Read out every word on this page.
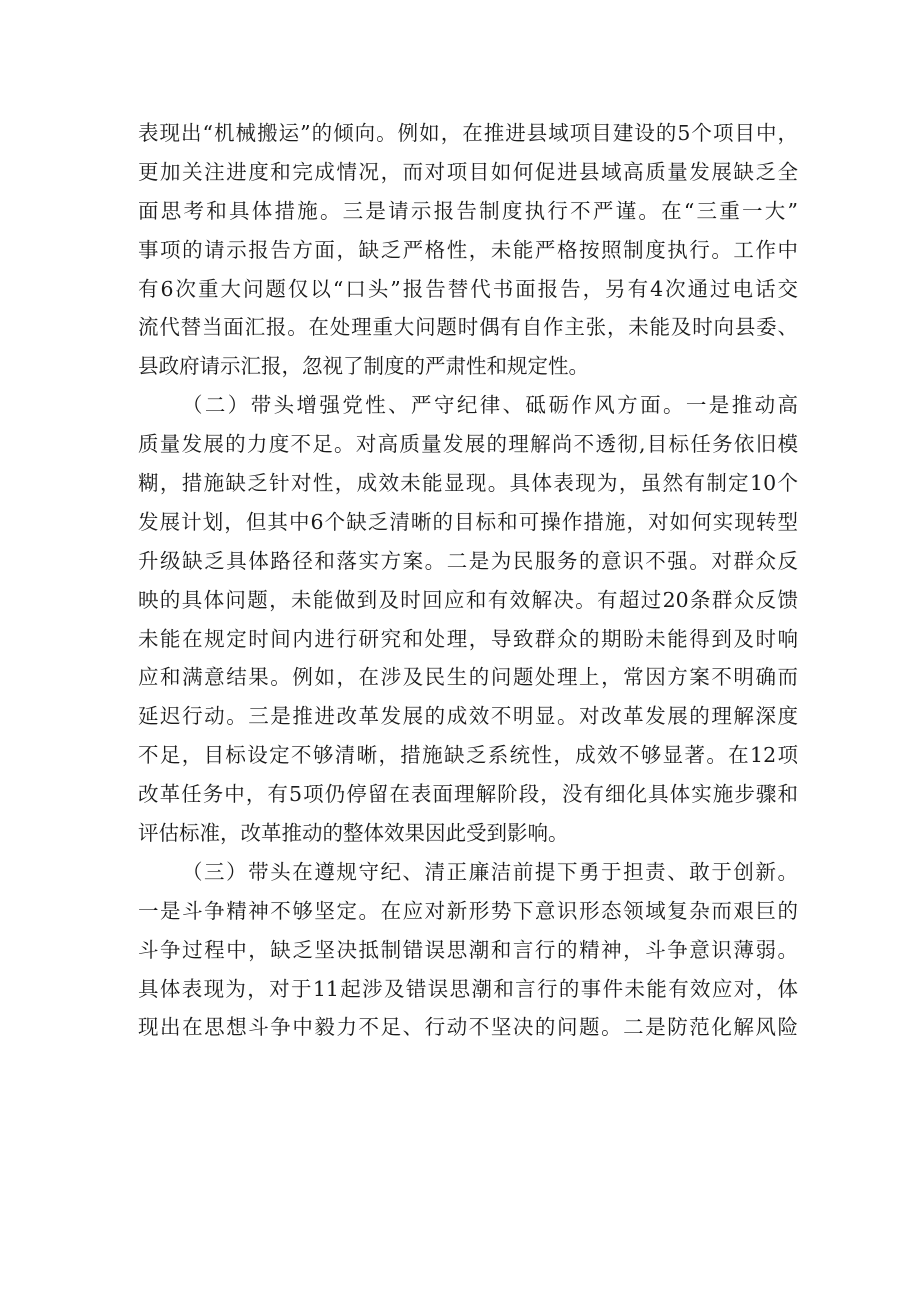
表现出“机械搬运”的倾向。例如，在推进县域项目建设的5个项目中，
更加关注进度和完成情况，而对项目如何促进县域高质量发展缺乏全
面思考和具体措施。三是请示报告制度执行不严谨。在“三重一大”
事项的请示报告方面，缺乏严格性，未能严格按照制度执行。工作中
有6次重大问题仅以“口头”报告替代书面报告，另有4次通过电话交
流代替当面汇报。在处理重大问题时偶有自作主张，未能及时向县委、
县政府请示汇报，忽视了制度的严肃性和规定性。
（二）带头增强党性、严守纪律、砥砺作风方面。一是推动高
质量发展的力度不足。对高质量发展的理解尚不透彻,目标任务依旧模
糊，措施缺乏针对性，成效未能显现。具体表现为，虽然有制定10个
发展计划，但其中6个缺乏清晰的目标和可操作措施，对如何实现转型
升级缺乏具体路径和落实方案。二是为民服务的意识不强。对群众反
映的具体问题，未能做到及时回应和有效解决。有超过20条群众反馈
未能在规定时间内进行研究和处理，导致群众的期盼未能得到及时响
应和满意结果。例如，在涉及民生的问题处理上，常因方案不明确而
延迟行动。三是推进改革发展的成效不明显。对改革发展的理解深度
不足，目标设定不够清晰，措施缺乏系统性，成效不够显著。在12项
改革任务中，有5项仍停留在表面理解阶段，没有细化具体实施步骤和
评估标准，改革推动的整体效果因此受到影响。
（三）带头在遵规守纪、清正廉洁前提下勇于担责、敢于创新。
一是斗争精神不够坚定。在应对新形势下意识形态领域复杂而艰巨的
斗争过程中，缺乏坚决抵制错误思潮和言行的精神，斗争意识薄弱。
具体表现为，对于11起涉及错误思潮和言行的事件未能有效应对，体
现出在思想斗争中毅力不足、行动不坚决的问题。二是防范化解风险
